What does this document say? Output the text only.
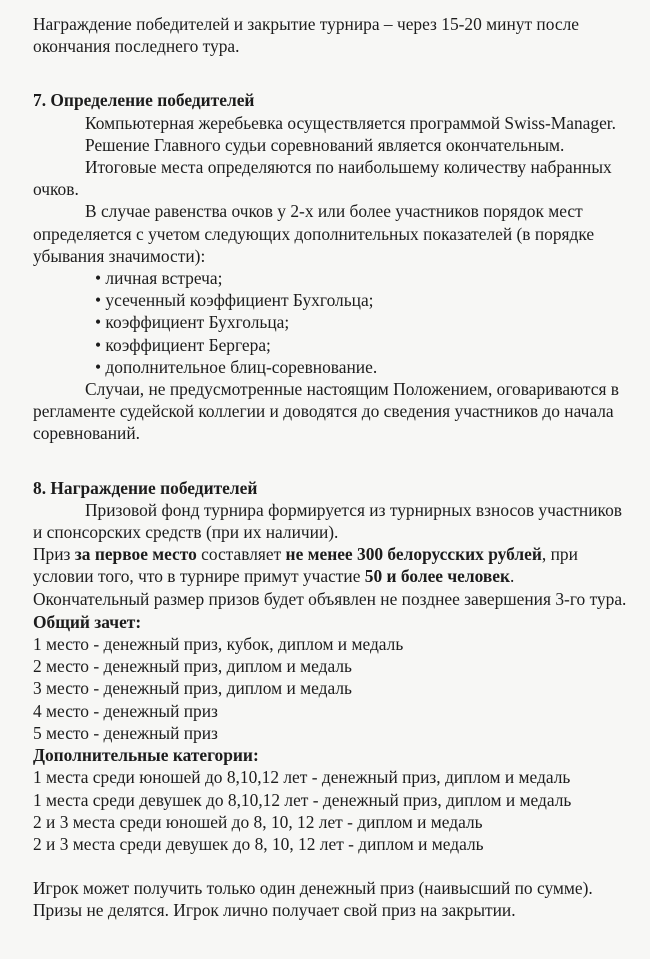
Награждение победителей и закрытие турнира – через 15-20 минут после окончания последнего тура.

7. Определение победителей

Компьютерная жеребьевка осуществляется программой Swiss-Manager.

Решение Главного судьи соревнований является окончательным.

Итоговые места определяются по наибольшему количеству набранных очков.

В случае равенства очков у 2-х или более участников порядок мест определяется с учетом следующих дополнительных показателей (в порядке убывания значимости):

• личная встреча;

• усеченный коэффициент Бухгольца;

• коэффициент Бухгольца;

• коэффициент Бергера;

• дополнительное блиц-соревнование.

Случаи, не предусмотренные настоящим Положением, оговариваются в регламенте судейской коллегии и доводятся до сведения участников до начала соревнований.

8. Награждение победителей

Призовой фонд турнира формируется из турнирных взносов участников и спонсорских средств (при их наличии).

Приз за первое место составляет не менее 300 белорусских рублей, при условии того, что в турнире примут участие 50 и более человек.

Окончательный размер призов будет объявлен не позднее завершения 3-го тура.

Общий зачет:

1 место - денежный приз, кубок, диплом и медаль

2 место - денежный приз, диплом и медаль

3 место - денежный приз, диплом и медаль

4 место - денежный приз

5 место - денежный приз

Дополнительные категории:

1 места среди юношей до 8,10,12 лет - денежный приз, диплом и медаль

1 места среди девушек до 8,10,12 лет - денежный приз, диплом и медаль

2 и 3 места среди юношей до 8, 10, 12 лет - диплом и медаль

2 и 3 места среди девушек до 8, 10, 12 лет - диплом и медаль

Игрок может получить только один денежный приз (наивысший по сумме). Призы не делятся. Игрок лично получает свой приз на закрытии.
